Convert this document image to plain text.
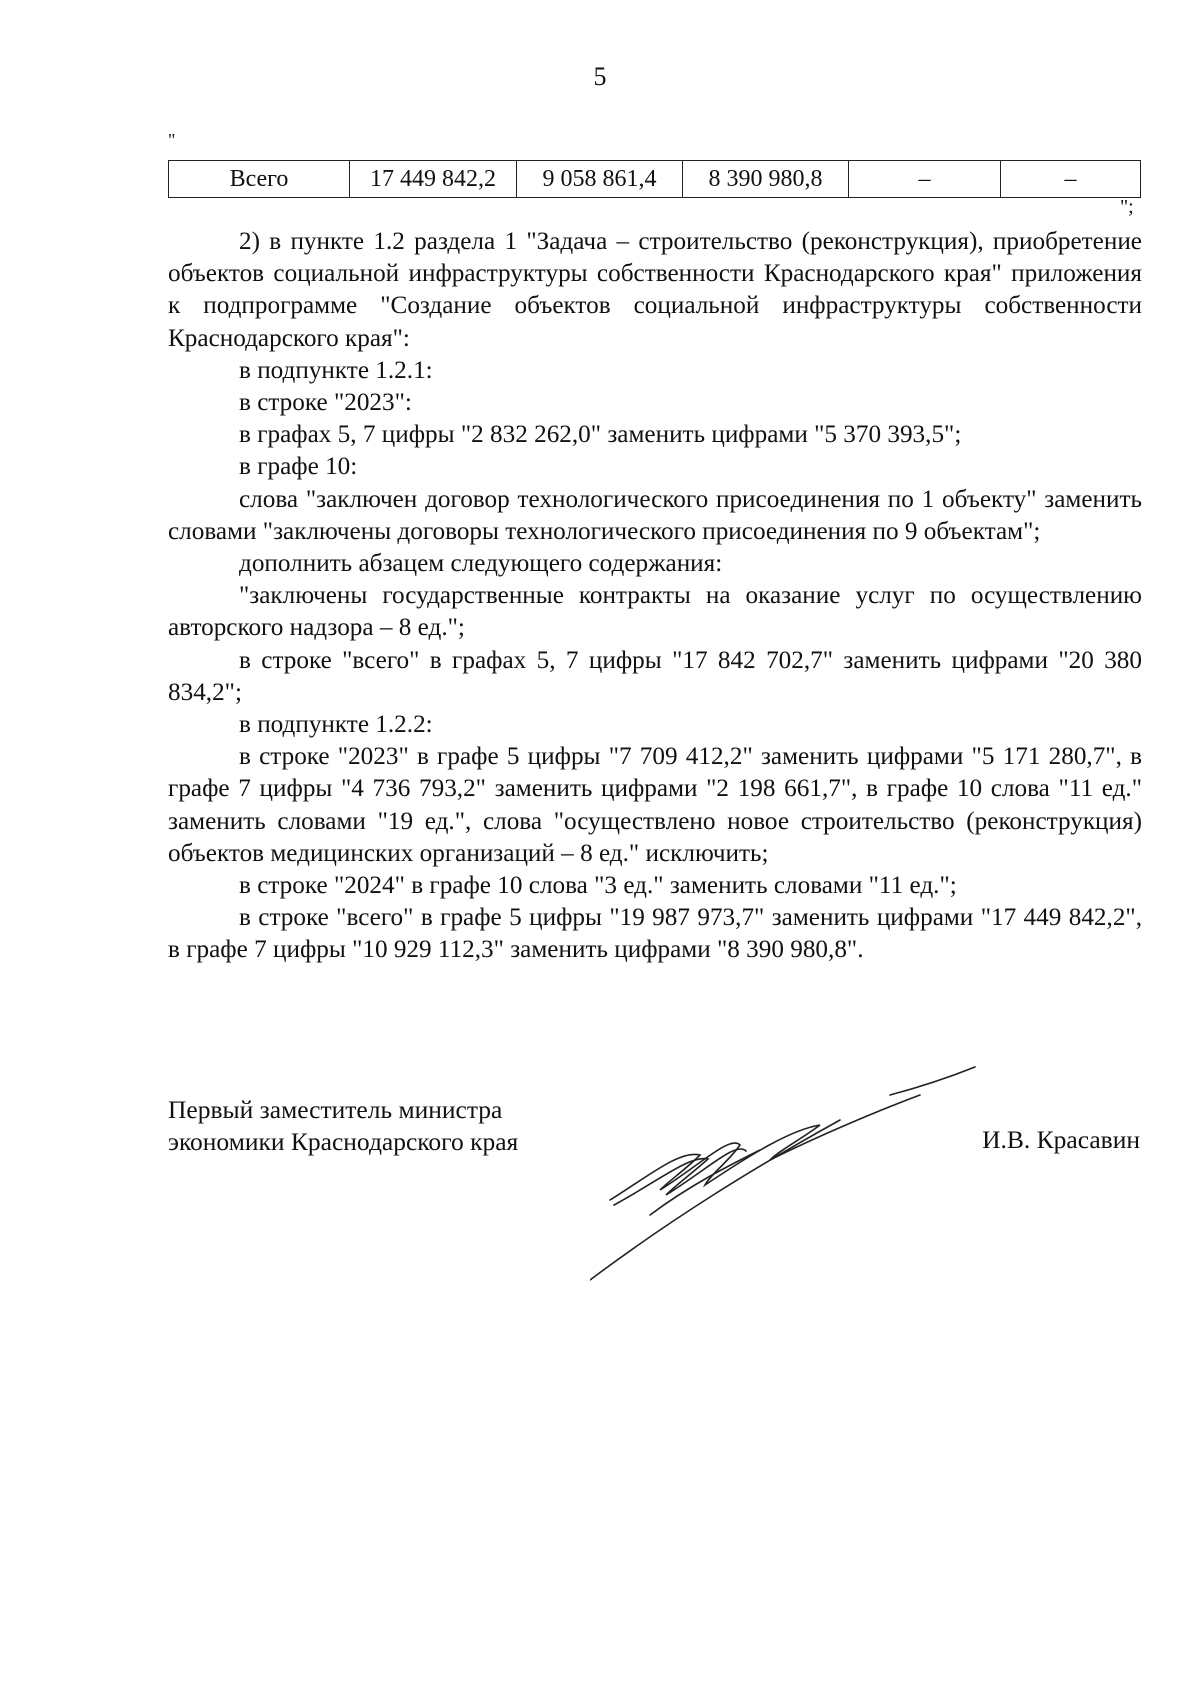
5
"
Всего	17 449 842,2	9 058 861,4	8 390 980,8	–	–
";

2) в пункте 1.2 раздела 1 "Задача – строительство (реконструкция), приобретение объектов социальной инфраструктуры собственности Краснодарского края" приложения к подпрограмме "Создание объектов социальной инфраструктуры собственности Краснодарского края":

в подпункте 1.2.1:

в строке "2023":

в графах 5, 7 цифры "2 832 262,0" заменить цифрами "5 370 393,5";

в графе 10:

слова "заключен договор технологического присоединения по 1 объекту" заменить словами "заключены договоры технологического присоединения по 9 объектам";

дополнить абзацем следующего содержания:

"заключены государственные контракты на оказание услуг по осуществлению авторского надзора – 8 ед.";

в строке "всего" в графах 5, 7 цифры "17 842 702,7" заменить цифрами "20 380 834,2";

в подпункте 1.2.2:

в строке "2023" в графе 5 цифры "7 709 412,2" заменить цифрами "5 171 280,7", в графе 7 цифры "4 736 793,2" заменить цифрами "2 198 661,7", в графе 10 слова "11 ед." заменить словами "19 ед.", слова "осуществлено новое строительство (реконструкция) объектов медицинских организаций – 8 ед." исключить;

в строке "2024" в графе 10 слова "3 ед." заменить словами "11 ед.";

в строке "всего" в графе 5 цифры "19 987 973,7" заменить цифрами "17 449 842,2", в графе 7 цифры "10 929 112,3" заменить цифрами "8 390 980,8".

Первый заместитель министра
экономики Краснодарского края	И.В. Красавин
